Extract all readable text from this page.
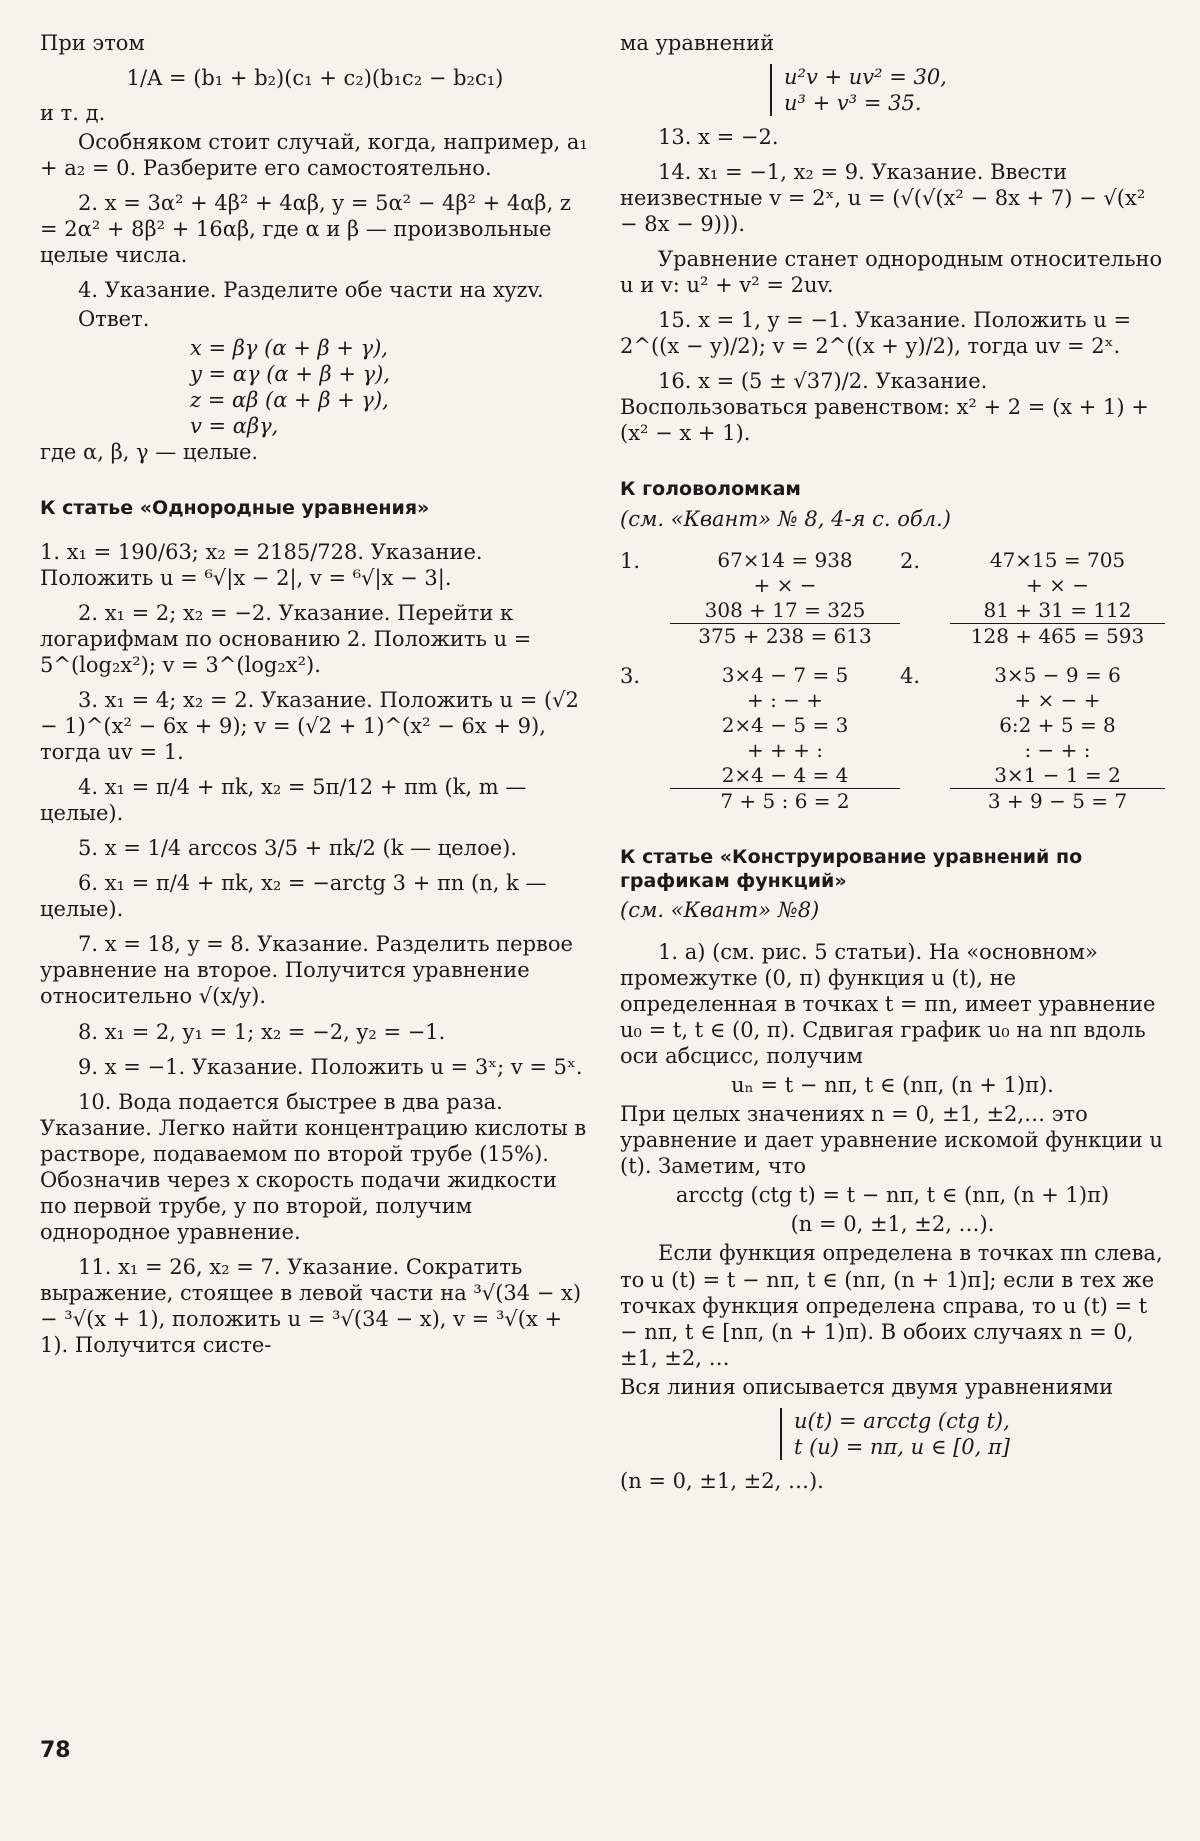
При этом

1/A = (b₁ + b₂)(c₁ + c₂)(b₁c₂ − b₂c₁)

и т. д.

Особняком стоит случай, когда, например, a₁ + a₂ = 0. Разберите его самостоятельно.

2. x = 3α² + 4β² + 4αβ, y = 5α² − 4β² + 4αβ, z = 2α² + 8β² + 16αβ, где α и β — произвольные целые числа.

4. Указание. Разделите обе части на xyzv.

Ответ.

x = βγ (α + β + γ),
y = αγ (α + β + γ),
z = αβ (α + β + γ),
v = αβγ,

где α, β, γ — целые.

К статье «Однородные уравнения»

1. x₁ = 190/63; x₂ = 2185/728. Указание. Положить u = ⁶√|x − 2|, v = ⁶√|x − 3|.

2. x₁ = 2; x₂ = −2. Указание. Перейти к логарифмам по основанию 2. Положить u = 5^(log₂x²); v = 3^(log₂x²).

3. x₁ = 4; x₂ = 2. Указание. Положить u = (√2 − 1)^(x² − 6x + 9); v = (√2 + 1)^(x² − 6x + 9), тогда uv = 1.

4. x₁ = π/4 + πk, x₂ = 5π/12 + πm (k, m — целые).

5. x = 1/4 arccos 3/5 + πk/2 (k — целое).

6. x₁ = π/4 + πk, x₂ = −arctg 3 + πn (n, k — целые).

7. x = 18, y = 8. Указание. Разделить первое уравнение на второе. Получится уравнение относительно √(x/y).

8. x₁ = 2, y₁ = 1; x₂ = −2, y₂ = −1.

9. x = −1. Указание. Положить u = 3ˣ; v = 5ˣ.

10. Вода подается быстрее в два раза. Указание. Легко найти концентрацию кислоты в растворе, подаваемом по второй трубе (15%). Обозначив через x скорость подачи жидкости по первой трубе, y по второй, получим однородное уравнение.

11. x₁ = 26, x₂ = 7. Указание. Сократить выражение, стоящее в левой части на ³√(34 − x) − ³√(x + 1), положить u = ³√(34 − x), v = ³√(x + 1). Получится систе-

ма уравнений

u²v + uv² = 30,
u³ + v³ = 35.

13. x = −2.

14. x₁ = −1, x₂ = 9. Указание. Ввести неизвестные v = 2ˣ, u = (√(√(x² − 8x + 7) − √(x² − 8x − 9))).

Уравнение станет однородным относительно u и v: u² + v² = 2uv.

15. x = 1, y = −1. Указание. Положить u = 2^((x − y)/2); v = 2^((x + y)/2), тогда uv = 2ˣ.

16. x = (5 ± √37)/2. Указание. Воспользоваться равенством: x² + 2 = (x + 1) + (x² − x + 1).

К головоломкам
(см. «Квант» № 8, 4-я с. обл.)
1.	67×14 = 938
+ × −
308 + 17 = 325
375 + 238 = 613
2.	47×15 = 705
+ × −
81 + 31 = 112
128 + 465 = 593
3.	3×4 − 7 = 5
+ : − +
2×4 − 5 = 3
+ + + :
2×4 − 4 = 4
7 + 5 : 6 = 2
4.	3×5 − 9 = 6
+ × − +
6:2 + 5 = 8
: − + :
3×1 − 1 = 2
3 + 9 − 5 = 7
К статье «Конструирование уравнений по графикам функций»
(см. «Квант» №8)

1. а) (см. рис. 5 статьи). На «основном» промежутке (0, π) функция u (t), не определенная в точках t = πn, имеет уравнение u₀ = t, t ∈ (0, π). Сдвигая график u₀ на nπ вдоль оси абсцисс, получим

uₙ = t − nπ, t ∈ (nπ, (n + 1)π).

При целых значениях n = 0, ±1, ±2,… это уравнение и дает уравнение искомой функции u (t). Заметим, что

arcctg (ctg t) = t − nπ, t ∈ (nπ, (n + 1)π)

(n = 0, ±1, ±2, …).

Если функция определена в точках πn слева, то u (t) = t − nπ, t ∈ (nπ, (n + 1)π]; если в тех же точках функция определена справа, то u (t) = t − nπ, t ∈ [nπ, (n + 1)π). В обоих случаях n = 0, ±1, ±2, …

Вся линия описывается двумя уравнениями

u(t) = arcctg (ctg t),
t (u) = nπ, u ∈ [0, π]

(n = 0, ±1, ±2, …).

78
